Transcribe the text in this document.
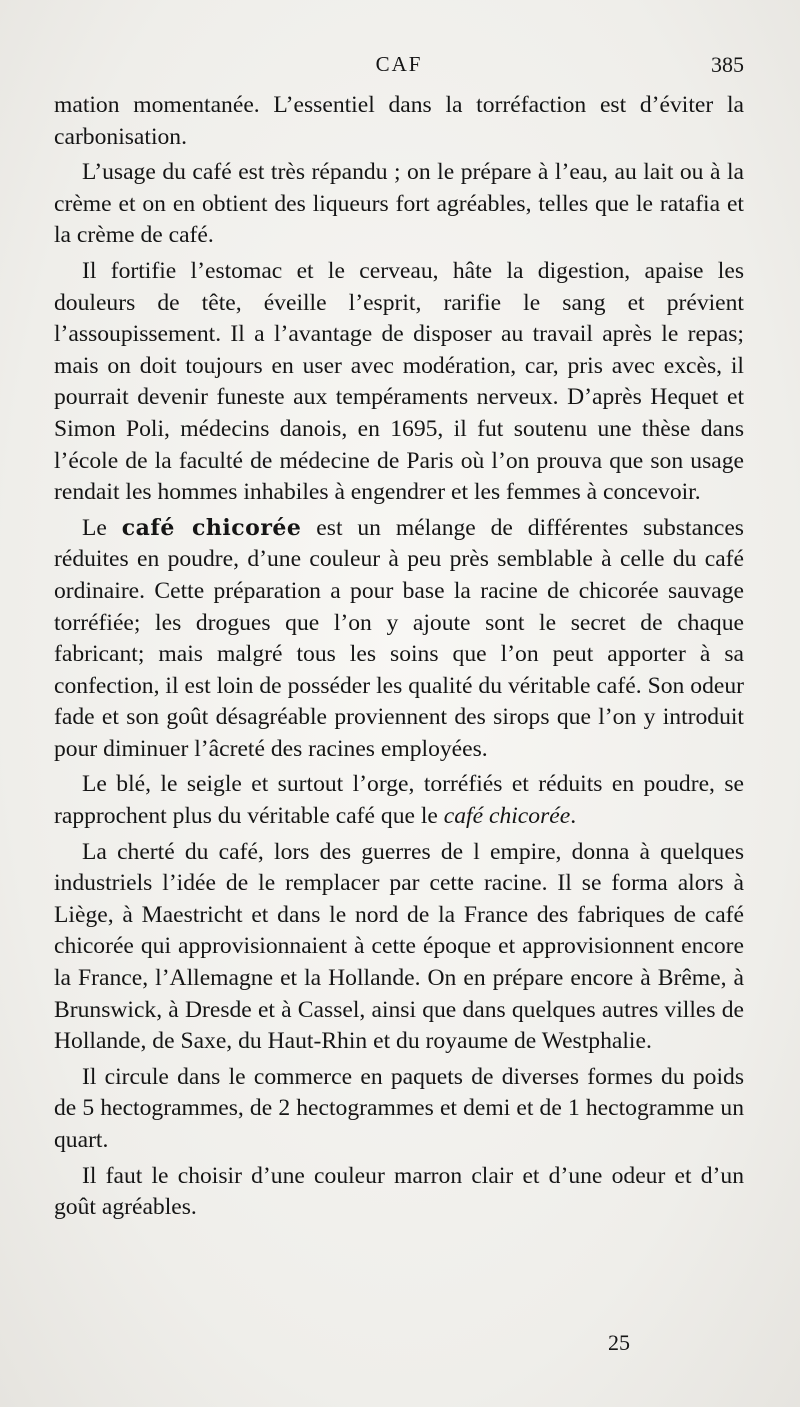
CAF	385

mation momentanée. L’essentiel dans la torréfaction est d’éviter la carbonisation.

L’usage du café est très répandu ; on le prépare à l’eau, au lait ou à la crème et on en obtient des liqueurs fort agréables, telles que le ratafia et la crème de café.

Il fortifie l’estomac et le cerveau, hâte la digestion, apaise les douleurs de tête, éveille l’esprit, rarifie le sang et prévient l’assoupissement. Il a l’avantage de disposer au travail après le repas; mais on doit toujours en user avec modération, car, pris avec excès, il pourrait devenir funeste aux tempéraments nerveux. D’après Hequet et Simon Poli, médecins danois, en 1695, il fut soutenu une thèse dans l’école de la faculté de médecine de Paris où l’on prouva que son usage rendait les hommes inhabiles à engendrer et les femmes à concevoir.

Le café chicorée est un mélange de différentes substances réduites en poudre, d’une couleur à peu près semblable à celle du café ordinaire. Cette préparation a pour base la racine de chicorée sauvage torréfiée; les drogues que l’on y ajoute sont le secret de chaque fabricant; mais malgré tous les soins que l’on peut apporter à sa confection, il est loin de posséder les qualité du véritable café. Son odeur fade et son goût désagréable proviennent des sirops que l’on y introduit pour diminuer l’âcreté des racines employées.

Le blé, le seigle et surtout l’orge, torréfiés et réduits en poudre, se rapprochent plus du véritable café que le café chicorée.

La cherté du café, lors des guerres de l empire, donna à quelques industriels l’idée de le remplacer par cette racine. Il se forma alors à Liège, à Maestricht et dans le nord de la France des fabriques de café chicorée qui approvisionnaient à cette époque et approvisionnent encore la France, l’Allemagne et la Hollande. On en prépare encore à Brême, à Brunswick, à Dresde et à Cassel, ainsi que dans quelques autres villes de Hollande, de Saxe, du Haut-Rhin et du royaume de Westphalie.

Il circule dans le commerce en paquets de diverses formes du poids de 5 hectogrammes, de 2 hectogrammes et demi et de 1 hectogramme un quart.

Il faut le choisir d’une couleur marron clair et d’une odeur et d’un goût agréables.

25
